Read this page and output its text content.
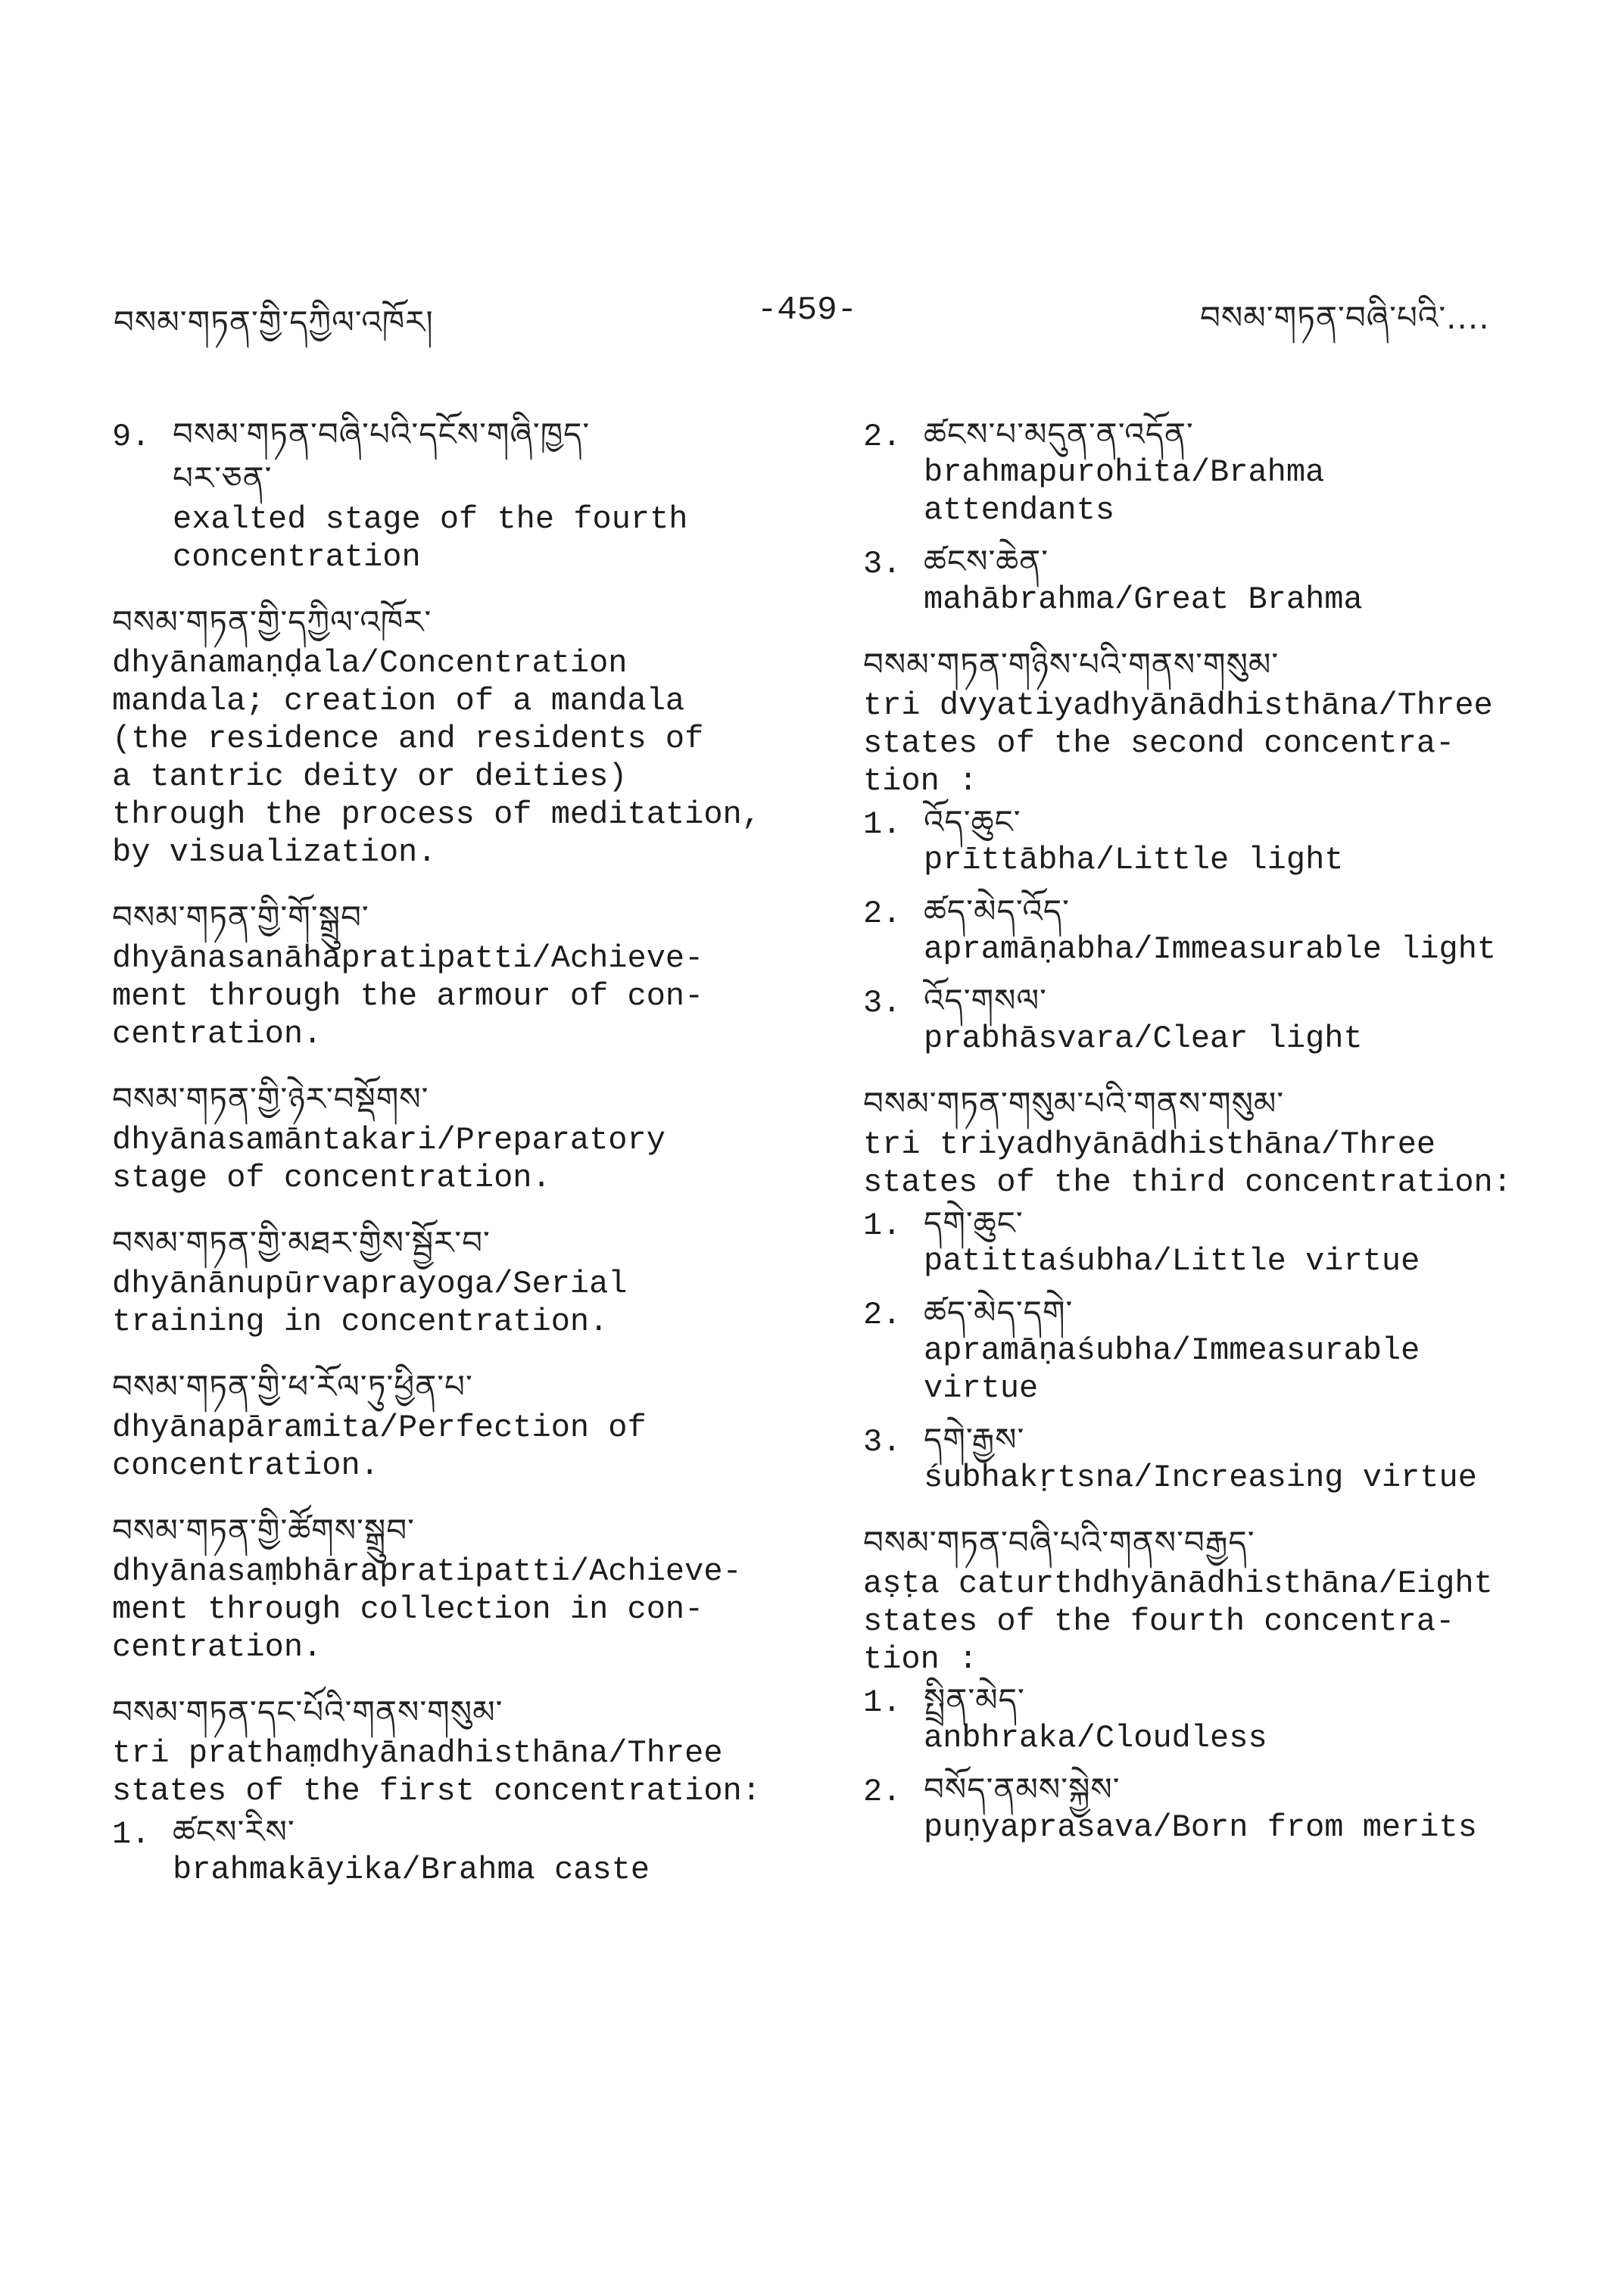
བསམ་གཏན་གྱི་དཀྱིལ་འཁོར།	-459-	བསམ་གཏན་བཞི་པའི་....
9. བསམ་གཏན་བཞི་པའི་དངོས་གཞི་ཁྱད་
པར་ཅན་
exalted stage of the fourth
concentration
བསམ་གཏན་གྱི་དཀྱིལ་འཁོར་
dhyānamaṇḍala/Concentration
mandala; creation of a mandala
(the residence and residents of
a tantric deity or deities)
through the process of meditation,
by visualization.
བསམ་གཏན་གྱི་གོ་སྒྲུབ་
dhyānasanāhapratipatti/Achieve-
ment through the armour of con-
centration.
བསམ་གཏན་གྱི་ཉེར་བསྡོགས་
dhyānasamāntakari/Preparatory
stage of concentration.
བསམ་གཏན་གྱི་མཐར་གྱིས་སྦྱོར་བ་
dhyānānupūrvaprayoga/Serial
training in concentration.
བསམ་གཏན་གྱི་ཕ་རོལ་ཏུ་ཕྱིན་པ་
dhyānapāramita/Perfection of
concentration.
བསམ་གཏན་གྱི་ཚོགས་སྒྲུབ་
dhyānasaṃbhārapratipatti/Achieve-
ment through collection in con-
centration.
བསམ་གཏན་དང་པོའི་གནས་གསུམ་
tri prathaṃdhyānadhisthāna/Three
states of the first concentration:
1. ཚངས་རིས་
brahmakāyika/Brahma caste
2. ཚངས་པ་མདུན་ན་འདོན་
brahmapurohita/Brahma
attendants
3. ཚངས་ཆེན་
mahābrahma/Great Brahma
བསམ་གཏན་གཉིས་པའི་གནས་གསུམ་
tri dvyatiyadhyānādhisthāna/Three
states of the second concentra-
tion :
1. འོད་ཆུང་
prīttābha/Little light
2. ཚད་མེད་འོད་
apramāṇabha/Immeasurable light
3. འོད་གསལ་
prabhāsvara/Clear light
བསམ་གཏན་གསུམ་པའི་གནས་གསུམ་
tri triyadhyānādhisthāna/Three
states of the third concentration:
1. དགེ་ཆུང་
patittaśubha/Little virtue
2. ཚད་མེད་དགེ་
apramāṇaśubha/Immeasurable
virtue
3. དགེ་རྒྱས་
śubhakṛtsna/Increasing virtue
བསམ་གཏན་བཞི་པའི་གནས་བརྒྱད་
aṣṭa caturthdhyānādhisthāna/Eight
states of the fourth concentra-
tion :
1. སྤྲིན་མེད་
anbhraka/Cloudless
2. བསོད་ནམས་སྐྱེས་
puṇyaprasava/Born from merits
